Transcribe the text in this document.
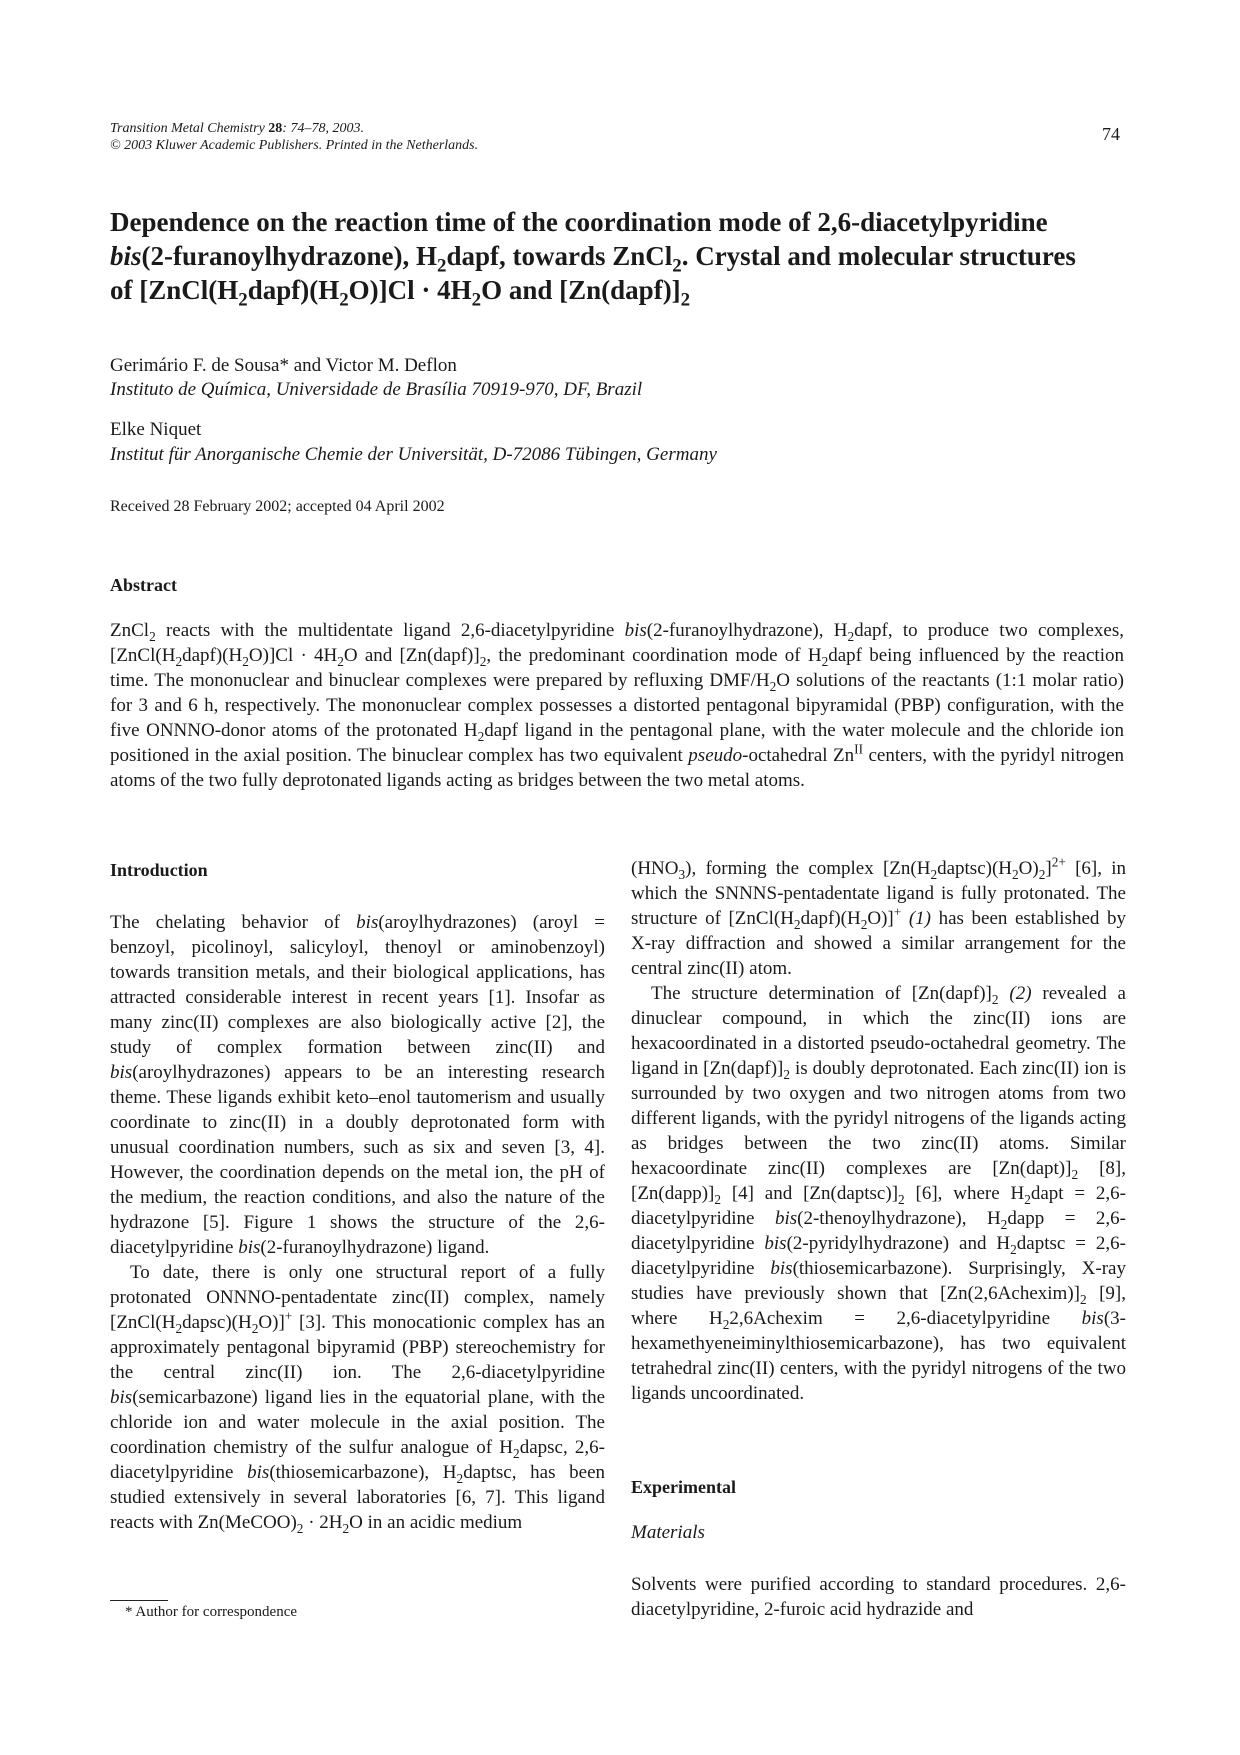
Transition Metal Chemistry 28: 74–78, 2003.
© 2003 Kluwer Academic Publishers. Printed in the Netherlands.
74
Dependence on the reaction time of the coordination mode of 2,6-diacetylpyridine
bis(2-furanoylhydrazone), $H_2dapf$, towards ZnCl$_2$. Crystal and molecular structures
of $[ZnCl(H_2dapf)(H_2O)]Cl \cdot 4H_2O$ and $[Zn(dapf)]_2$
Gerimário F. de Sousa* and Victor M. Deflon
Instituto de Química, Universidade de Brasília 70919-970, DF, Brazil
Elke Niquet
Institut für Anorganische Chemie der Universität, D-72086 Tübingen, Germany
Received 28 February 2002; accepted 04 April 2002
Abstract
ZnCl$_2$ reacts with the multidentate ligand 2,6-diacetylpyridine bis(2-furanoylhydrazone), $H_2dapf$, to produce two complexes, $[ZnCl(H_2dapf)(H_2O)]Cl \cdot 4H_2O$ and $[Zn(dapf)]_2$, the predominant coordination mode of $H_2dapf$ being influenced by the reaction time. The mononuclear and binuclear complexes were prepared by refluxing DMF/$H_2O$ solutions of the reactants (1:1 molar ratio) for 3 and 6 h, respectively. The mononuclear complex possesses a distorted pentagonal bipyramidal (PBP) configuration, with the five ONNNO-donor atoms of the protonated $H_2dapf$ ligand in the pentagonal plane, with the water molecule and the chloride ion positioned in the axial position. The binuclear complex has two equivalent pseudo-octahedral $Zn^{II}$ centers, with the pyridyl nitrogen atoms of the two fully deprotonated ligands acting as bridges between the two metal atoms.
Introduction

The chelating behavior of bis(aroylhydrazones) (aroyl = benzoyl, picolinoyl, salicyloyl, thenoyl or aminobenzoyl) towards transition metals, and their biological applications, has attracted considerable interest in recent years [1]. Insofar as many zinc(II) complexes are also biologically active [2], the study of complex formation between zinc(II) and bis(aroylhydrazones) appears to be an interesting research theme. These ligands exhibit keto–enol tautomerism and usually coordinate to zinc(II) in a doubly deprotonated form with unusual coordination numbers, such as six and seven [3, 4]. However, the coordination depends on the metal ion, the pH of the medium, the reaction conditions, and also the nature of the hydrazone [5]. Figure 1 shows the structure of the 2,6-diacetylpyridine bis(2-furanoylhydrazone) ligand.

To date, there is only one structural report of a fully protonated ONNNO-pentadentate zinc(II) complex, namely $[ZnCl(H_2dapsc)(H_2O)]^+$ [3]. This monocationic complex has an approximately pentagonal bipyramid (PBP) stereochemistry for the central zinc(II) ion. The 2,6-diacetylpyridine bis(semicarbazone) ligand lies in the equatorial plane, with the chloride ion and water molecule in the axial position. The coordination chemistry of the sulfur analogue of $H_2dapsc$, 2,6-diacetylpyridine bis(thiosemicarbazone), $H_2daptsc$, has been studied extensively in several laboratories [6, 7]. This ligand reacts with $Zn(MeCOO)_2 \cdot 2H_2O$ in an acidic medium

$(HNO_3)$, forming the complex $[Zn(H_2daptsc)(H_2O)_2]^{2+}$ [6], in which the SNNNS-pentadentate ligand is fully protonated. The structure of $[ZnCl(H_2dapf)(H_2O)]^+$ (1) has been established by X-ray diffraction and showed a similar arrangement for the central zinc(II) atom.

The structure determination of $[Zn(dapf)]_2$ (2) revealed a dinuclear compound, in which the zinc(II) ions are hexacoordinated in a distorted pseudo-octahedral geometry. The ligand in $[Zn(dapf)]_2$ is doubly deprotonated. Each zinc(II) ion is surrounded by two oxygen and two nitrogen atoms from two different ligands, with the pyridyl nitrogens of the ligands acting as bridges between the two zinc(II) atoms. Similar hexacoordinate zinc(II) complexes are $[Zn(dapt)]_2$ [8], $[Zn(dapp)]_2$ [4] and $[Zn(daptsc)]_2$ [6], where $H_2dapt$ = 2,6-diacetylpyridine bis(2-thenoylhydrazone), $H_2dapp$ = 2,6-diacetylpyridine bis(2-pyridylhydrazone) and $H_2daptsc$ = 2,6-diacetylpyridine bis(thiosemicarbazone). Surprisingly, X-ray studies have previously shown that $[Zn(2,6Achexim)]_2$ [9], where $H_22,6Achexim$ = 2,6-diacetylpyridine bis(3-hexamethyeneiminylthiosemicarbazone), has two equivalent tetrahedral zinc(II) centers, with the pyridyl nitrogens of the two ligands uncoordinated.

Experimental
Materials
Solvents were purified according to standard procedures. 2,6-diacetylpyridine, 2-furoic acid hydrazide and
* Author for correspondence
